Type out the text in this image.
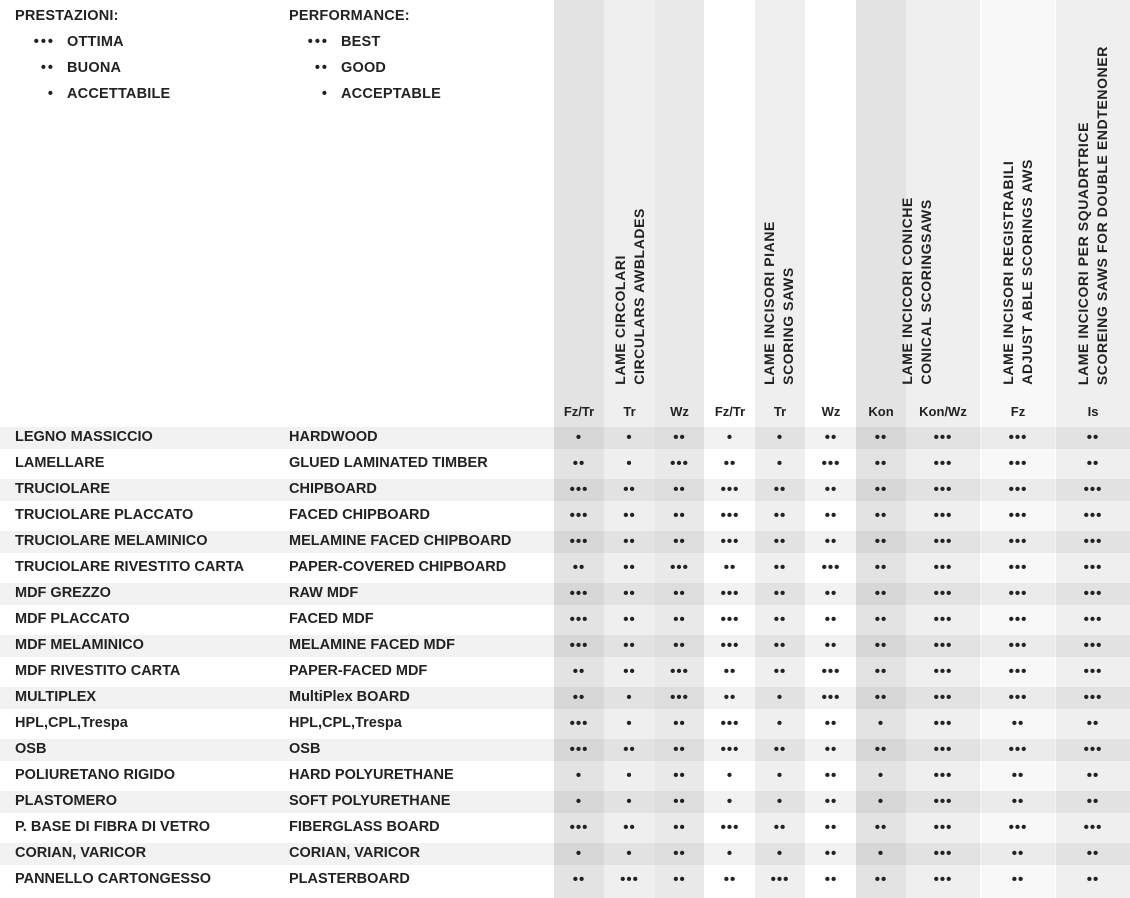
PRESTAZIONI:
••• OTTIMA
•• BUONA
• ACCETTABILE
PERFORMANCE:
••• BEST
•• GOOD
• ACCEPTABLE
LAME CIRCOLARI CIRCULARS AWBLADES	LAME INCISORI PIANE SCORING SAWS	LAME INCICORI CONICHE CONICAL SCORINGSAWS	LAME INCISORI REGISTRABILI ADJUST ABLE SCORINGS AWS	LAME INCICORI PER SQUADRTRICE SCOREING SAWS FOR DOUBLE ENDTENONER
Fz/Tr	Tr	Wz	Fz/Tr	Tr	Wz	Kon	Kon/Wz	Fz	Is
LEGNO MASSICCIO	HARDWOOD	•	•	••	•	•	••	••	•••	•••	••
LAMELLARE	GLUED LAMINATED TIMBER	••	•	•••	••	•	•••	••	•••	•••	••
TRUCIOLARE	CHIPBOARD	•••	••	••	•••	••	••	••	•••	•••	•••
TRUCIOLARE PLACCATO	FACED CHIPBOARD	•••	••	••	•••	••	••	••	•••	•••	•••
TRUCIOLARE MELAMINICO	MELAMINE FACED CHIPBOARD	•••	••	••	•••	••	••	••	•••	•••	•••
TRUCIOLARE RIVESTITO CARTA	PAPER-COVERED CHIPBOARD	••	••	•••	••	••	•••	••	•••	•••	•••
MDF GREZZO	RAW MDF	•••	••	••	•••	••	••	••	•••	•••	•••
MDF PLACCATO	FACED MDF	•••	••	••	•••	••	••	••	•••	•••	•••
MDF MELAMINICO	MELAMINE FACED MDF	•••	••	••	•••	••	••	••	•••	•••	•••
MDF RIVESTITO CARTA	PAPER-FACED MDF	••	••	•••	••	••	•••	••	•••	•••	•••
MULTIPLEX	MultiPlex BOARD	••	•	•••	••	•	•••	••	•••	•••	•••
HPL,CPL,Trespa	HPL,CPL,Trespa	•••	•	••	•••	•	••	•	•••	••	••
OSB	OSB	•••	••	••	•••	••	••	••	•••	•••	•••
POLIURETANO RIGIDO	HARD POLYURETHANE	•	•	••	•	•	••	•	•••	••	••
PLASTOMERO	SOFT POLYURETHANE	•	•	••	•	•	••	•	•••	••	••
P. BASE DI FIBRA DI VETRO	FIBERGLASS BOARD	•••	••	••	•••	••	••	••	•••	•••	•••
CORIAN, VARICOR	CORIAN, VARICOR	•	•	••	•	•	••	•	•••	••	••
PANNELLO CARTONGESSO	PLASTERBOARD	••	•••	••	••	•••	••	••	•••	••	••
